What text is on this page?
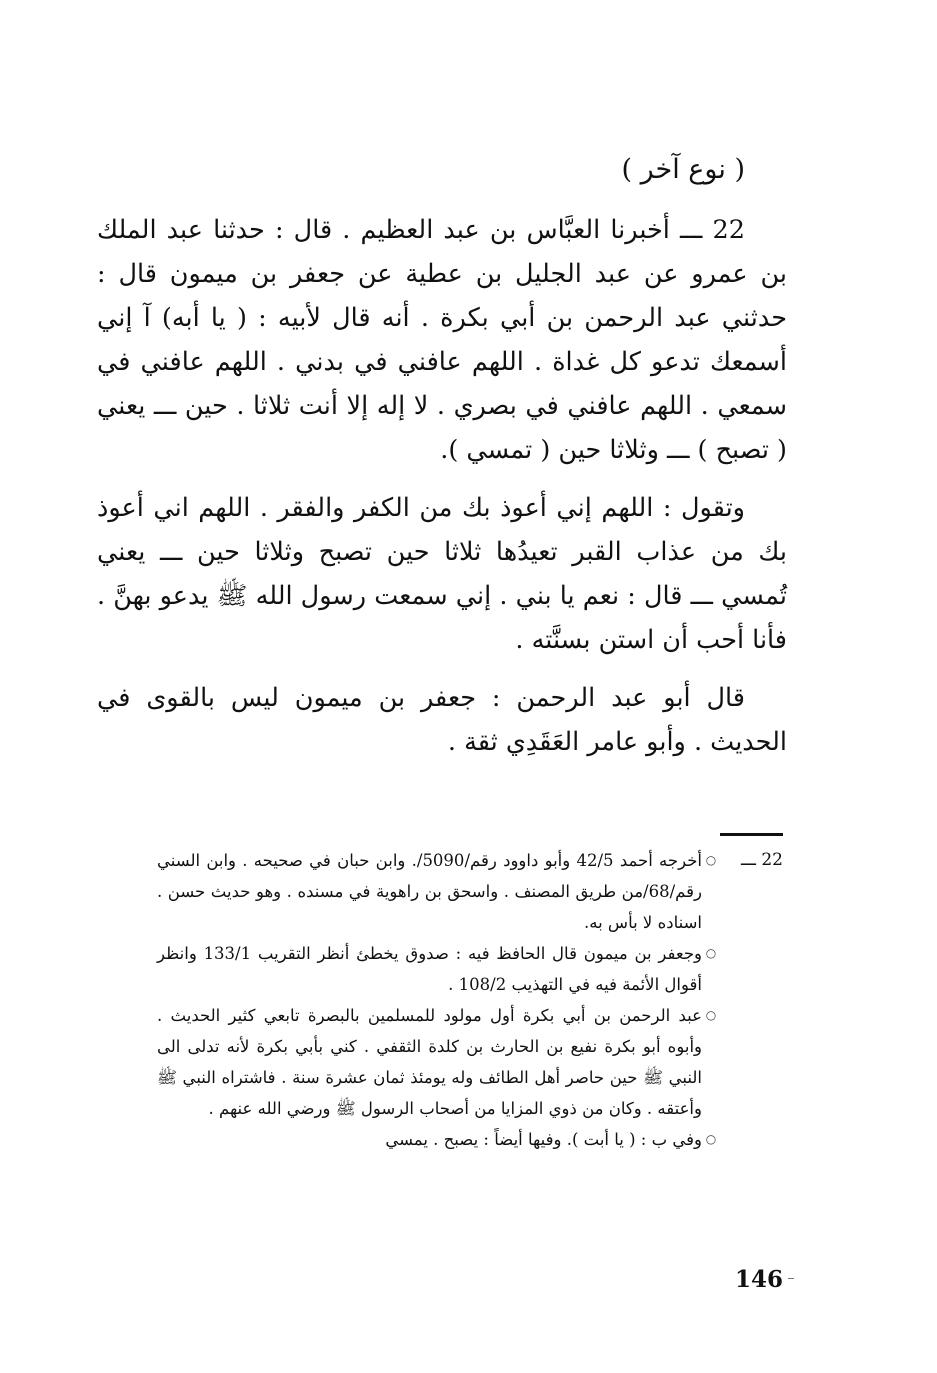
( نوع آخر )

22 ـــ أخبرنا العبَّاس بن عبد العظيم . قال : حدثنا عبد الملك بن عمرو عن عبد الجليل بن عطية عن جعفر بن ميمون قال : حدثني عبد الرحمن بن أبي بكرة . أنه قال لأبيه : ( يا أبه) آ إني أسمعك تدعو كل غداة . اللهم عافني في بدني . اللهم عافني في سمعي . اللهم عافني في بصري . لا إله إلا أنت ثلاثا . حين ـــ يعني ( تصبح ) ـــ وثلاثا حين ( تمسي ).

وتقول : اللهم إني أعوذ بك من الكفر والفقر . اللهم اني أعوذ بك من عذاب القبر تعيدُها ثلاثا حين تصبح وثلاثا حين ـــ يعني تُمسي ـــ قال : نعم يا بني . إني سمعت رسول الله ﷺ يدعو بهنَّ . فأنا أحب أن استن بسنَّته .

قال أبو عبد الرحمن : جعفر بن ميمون ليس بالقوى في الحديث . وأبو عامر العَقَدِي ثقة .

22 ـــ
○
أخرجه أحمد 42/5 وأبو داوود رقم/5090/. وابن حبان في صحيحه . وابن السني رقم/68/من طريق المصنف . واسحق بن راهوية في مسنده . وهو حديث حسن . اسناده لا بأس به.
○
وجعفر بن ميمون قال الحافظ فيه : صدوق يخطئ أنظر التقريب 133/1 وانظر أقوال الأئمة فيه في التهذيب 108/2 .
○
عبد الرحمن بن أبي بكرة أول مولود للمسلمين بالبصرة تابعي كثير الحديث . وأبوه أبو بكرة نفيع بن الحارث بن كلدة الثقفي . كني بأبي بكرة لأنه تدلى الى النبي ﷺ حين حاصر أهل الطائف وله يومئذ ثمان عشرة سنة . فاشتراه النبي ﷺ وأعتقه . وكان من ذوي المزايا من أصحاب الرسول ﷺ ورضي الله عنهم .
○
وفي ب : ( يا أبت ). وفيها أيضاً : يصبح . يمسي
146
